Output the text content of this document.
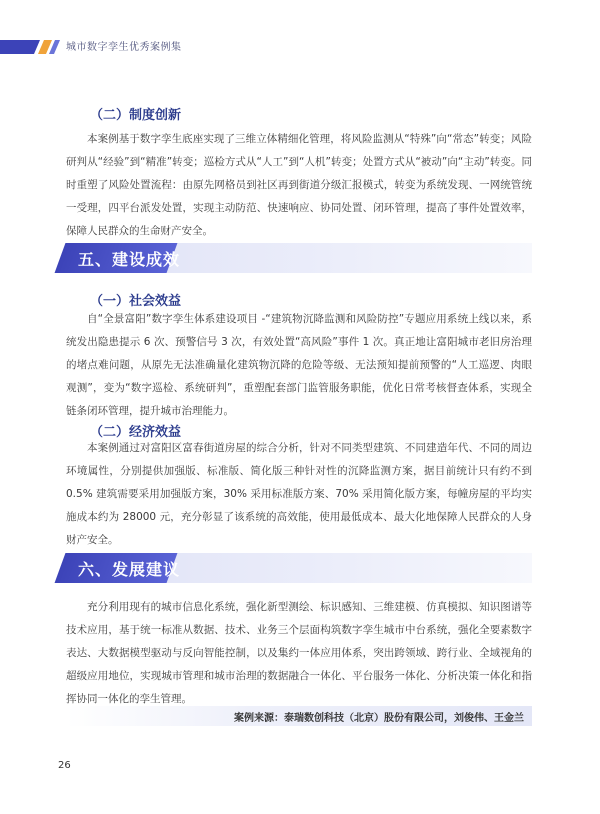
城市数字孪生优秀案例集
（二）制度创新

本案例基于数字孪生底座实现了三维立体精细化管理，将风险监测从“特殊”向“常态”转变；风险研判从“经验”到“精准”转变；巡检方式从“人工”到“人机”转变；处置方式从“被动”向“主动”转变。同时重塑了风险处置流程：由原先网格员到社区再到街道分级汇报模式，转变为系统发现、一网统管统一受理，四平台派发处置，实现主动防范、快速响应、协同处置、闭环管理，提高了事件处置效率，保障人民群众的生命财产安全。

五、建设成效
（一）社会效益

自“全景富阳”数字孪生体系建设项目 -“建筑物沉降监测和风险防控”专题应用系统上线以来，系统发出隐患提示 6 次、预警信号 3 次，有效处置“高风险”事件 1 次。真正地让富阳城市老旧房治理的堵点难问题，从原先无法准确量化建筑物沉降的危险等级、无法预知提前预警的“人工巡逻、肉眼观测”，变为“数字巡检、系统研判”，重塑配套部门监管服务职能，优化日常考核督查体系，实现全链条闭环管理，提升城市治理能力。

（二）经济效益

本案例通过对富阳区富春街道房屋的综合分析，针对不同类型建筑、不同建造年代、不同的周边环境属性，分别提供加强版、标准版、简化版三种针对性的沉降监测方案，据目前统计只有约不到 0.5% 建筑需要采用加强版方案，30% 采用标准版方案、70% 采用简化版方案，每幢房屋的平均实施成本约为 28000 元，充分彰显了该系统的高效能，使用最低成本、最大化地保障人民群众的人身财产安全。

六、发展建议

充分利用现有的城市信息化系统，强化新型测绘、标识感知、三维建模、仿真模拟、知识图谱等技术应用，基于统一标准从数据、技术、业务三个层面构筑数字孪生城市中台系统，强化全要素数字表达、大数据模型驱动与反向智能控制，以及集约一体应用体系，突出跨领域、跨行业、全域视角的超级应用地位，实现城市管理和城市治理的数据融合一体化、平台服务一体化、分析决策一体化和指挥协同一体化的孪生管理。

案例来源：泰瑞数创科技（北京）股份有限公司，刘俊伟、王金兰
26
